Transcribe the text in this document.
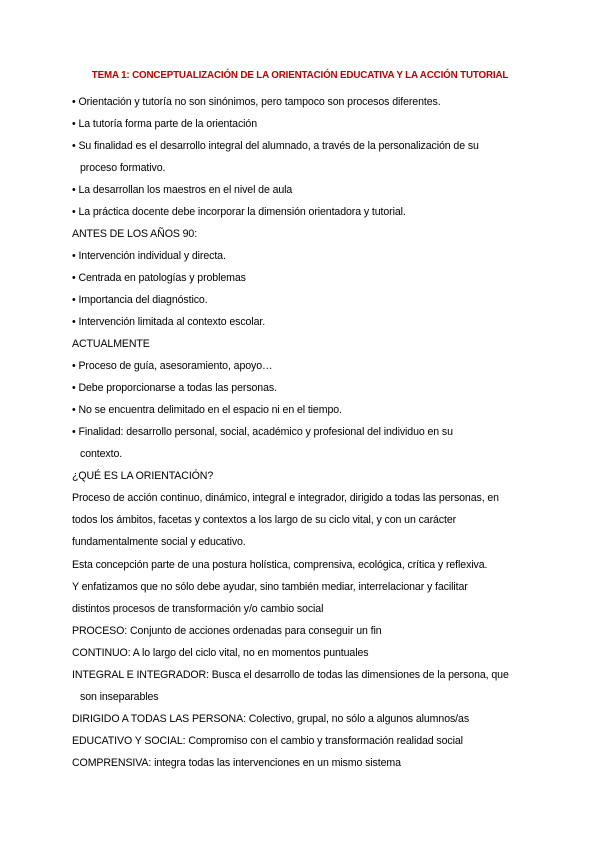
TEMA 1: CONCEPTUALIZACIÓN DE LA ORIENTACIÓN EDUCATIVA Y LA ACCIÓN TUTORIAL
• Orientación y tutoría no son sinónimos, pero tampoco son procesos diferentes.
• La tutoría forma parte de la orientación
• Su finalidad es el desarrollo integral del alumnado, a través de la personalización de su
proceso formativo.
• La desarrollan los maestros en el nivel de aula
• La práctica docente debe incorporar la dimensión orientadora y tutorial.
ANTES DE LOS AÑOS 90:
• Intervención individual y directa.
• Centrada en patologías y problemas
• Importancia del diagnóstico.
• Intervención limitada al contexto escolar.
ACTUALMENTE
• Proceso de guía, asesoramiento, apoyo…
• Debe proporcionarse a todas las personas.
• No se encuentra delimitado en el espacio ni en el tiempo.
• Finalidad: desarrollo personal, social, académico y profesional del individuo en su
contexto.
¿QUÉ ES LA ORIENTACIÓN?
Proceso de acción continuo, dinámico, integral e integrador, dirigido a todas las personas, en
todos los ámbitos, facetas y contextos a los largo de su ciclo vital, y con un carácter
fundamentalmente social y educativo.
Esta concepción parte de una postura holística, comprensiva, ecológica, crítica y reflexiva.
Y enfatizamos que no sólo debe ayudar, sino también mediar, interrelacionar y facilitar
distintos procesos de transformación y/o cambio social
PROCESO: Conjunto de acciones ordenadas para conseguir un fin
CONTINUO: A lo largo del ciclo vital, no en momentos puntuales
INTEGRAL E INTEGRADOR: Busca el desarrollo de todas las dimensiones de la persona, que
son inseparables
DIRIGIDO A TODAS LAS PERSONA: Colectivo, grupal, no sólo a algunos alumnos/as
EDUCATIVO Y SOCIAL: Compromiso con el cambio y transformación realidad social
COMPRENSIVA: integra todas las intervenciones en un mismo sistema
